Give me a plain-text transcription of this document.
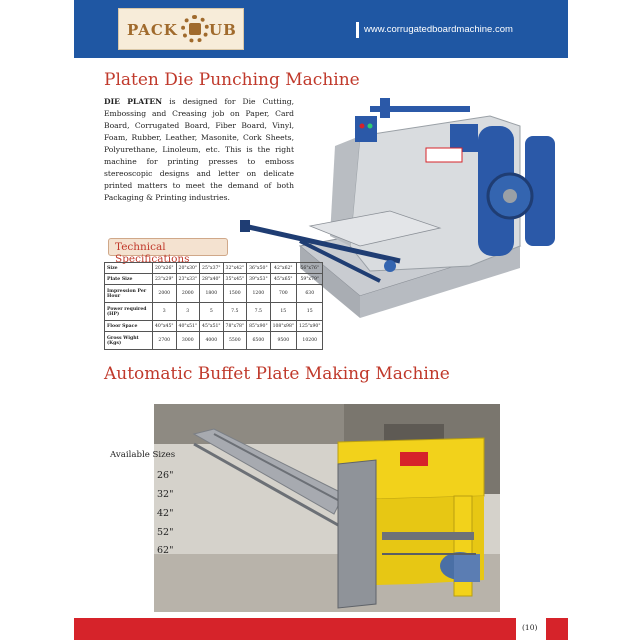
PACK UB	www.corrugatedboardmachine.com
Platen Die Punching Machine
DIE PLATEN is designed for Die Cutting, Embossing and Creasing job on Paper, Card Board, Corrugated Board, Fiber Board, Vinyl, Foam, Rubber, Leather, Masonite, Cork Sheets, Polyurethane, Linoleum, etc. This is the right machine for printing presses to emboss stereoscopic designs and letter on delicate printed matters to meet the demand of both Packaging & Printing industries.
Technical Specifications
Size	20"x26"	20"x30"	25"x37"	32"x42"	36"x50"	42"x62"	56"x76"
Plate Size	23"x29"	23"x33"	28"x40"	35"x45"	39"x53"	45"x65"	59"x79"
Impression Per Hour	2000	2000	1800	1500	1200	700	630
Power required (HP)	3	3	5	7.5	7.5	15	15
Floor Space	40"x45"	40"x51"	45"x51"	78"x78"	85"x90"	108"x98"	125"x90"
Gross Wight (Kgs)	2700	3000	4000	5500	6500	9500	10200
Automatic Buffet Plate Making Machine
Available Sizes
26"
32"
42"
52"
62"
(10)
